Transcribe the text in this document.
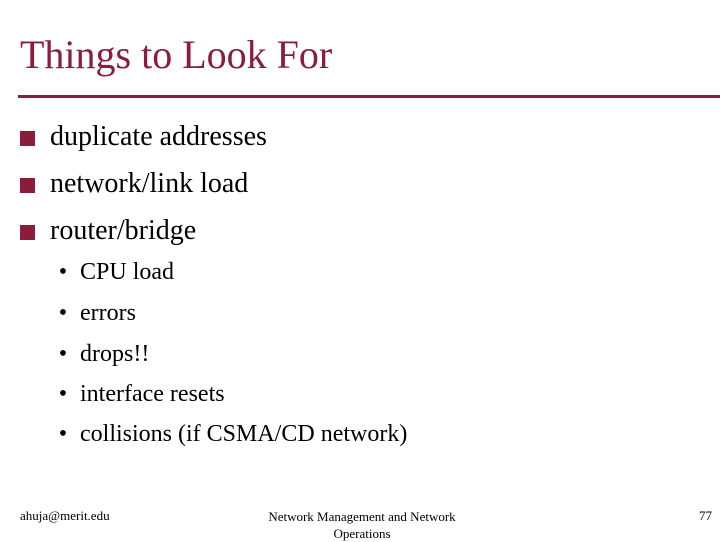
Things to Look For
duplicate addresses
network/link load
router/bridge
• CPU load
• errors
• drops!!
• interface resets
• collisions (if CSMA/CD network)
ahuja@merit.edu	Network Management and Network Operations
77
